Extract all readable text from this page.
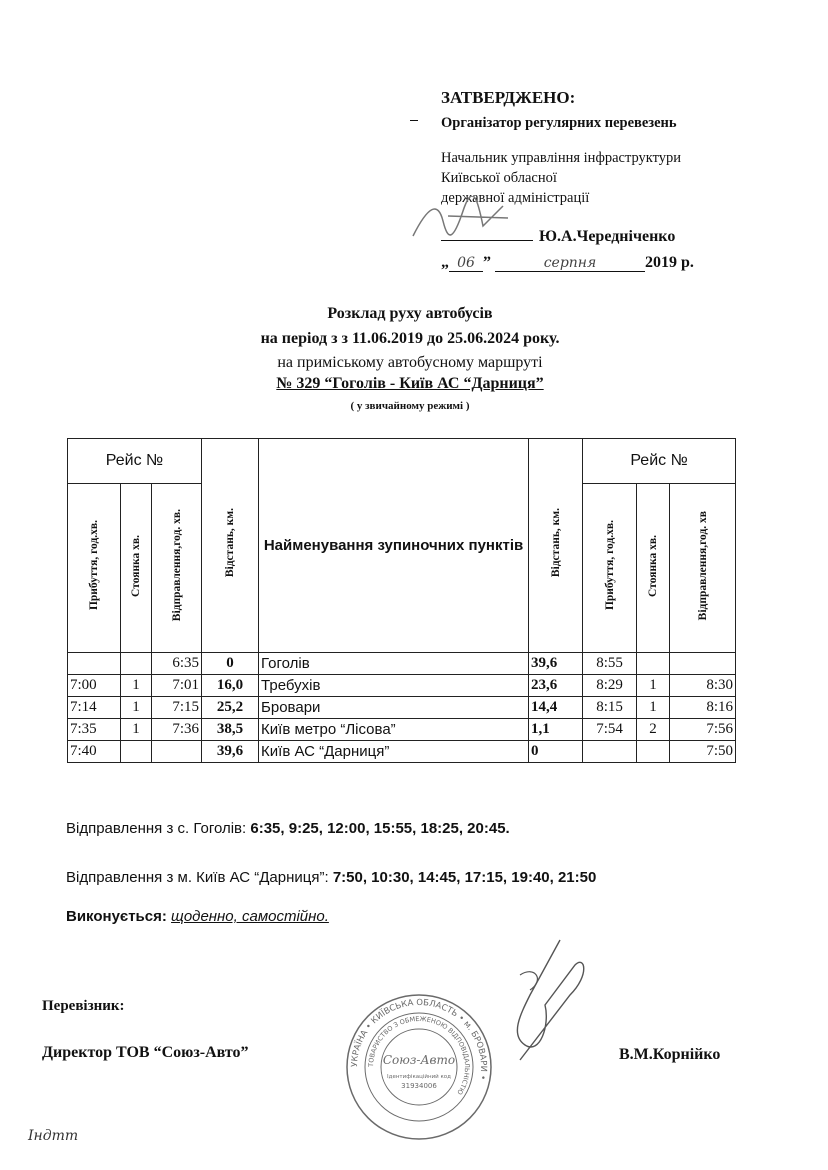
ЗАТВЕРДЖЕНО:
Організатор регулярних перевезень
Начальник управління інфраструктури
Київської обласної
державної адміністрації
Ю.А.Чередніченко
„ 06 ”	серпня	2019 р.
Розклад руху автобусів
на період з з 11.06.2019 до 25.06.2024 року.
на приміському автобусному маршруті
№ 329 “Гоголів - Київ АС “Дарниця”
( у звичайному режимі )
Рейс №			Відстань, км.	Найменування зупиночних пунктів	Відстань, км.	Рейс №		
Прибуття, год.хв.	Стоянка хв.	Відправлення,год. хв.				Прибуття, год.хв.	Стоянка хв.	Відправлення,год. хв
		6:35	0	Гоголів	39,6	8:55		
7:00	1	7:01	16,0	Требухів	23,6	8:29	1	8:30
7:14	1	7:15	25,2	Бровари	14,4	8:15	1	8:16
7:35	1	7:36	38,5	Київ метро “Лісова”	1,1	7:54	2	7:56
7:40			39,6	Київ АС “Дарниця”	0			7:50
Відправлення з с. Гоголів: 6:35, 9:25, 12:00, 15:55, 18:25, 20:45.
Відправлення з м. Київ АС “Дарниця”: 7:50, 10:30, 14:45, 17:15, 19:40, 21:50
Виконується: щоденно, самостійно.
Перевізник:
Директор ТОВ “Союз-Авто”	В.М.Корнійко
УКРАЇНА • КИЇВСЬКА ОБЛАСТЬ • м. БРОВАРИ •
ТОВАРИСТВО З ОБМЕЖЕНОЮ ВІДПОВІДАЛЬНІСТЮ
Союз-Авто
Ідентифікаційний код
31934006
Індтт
